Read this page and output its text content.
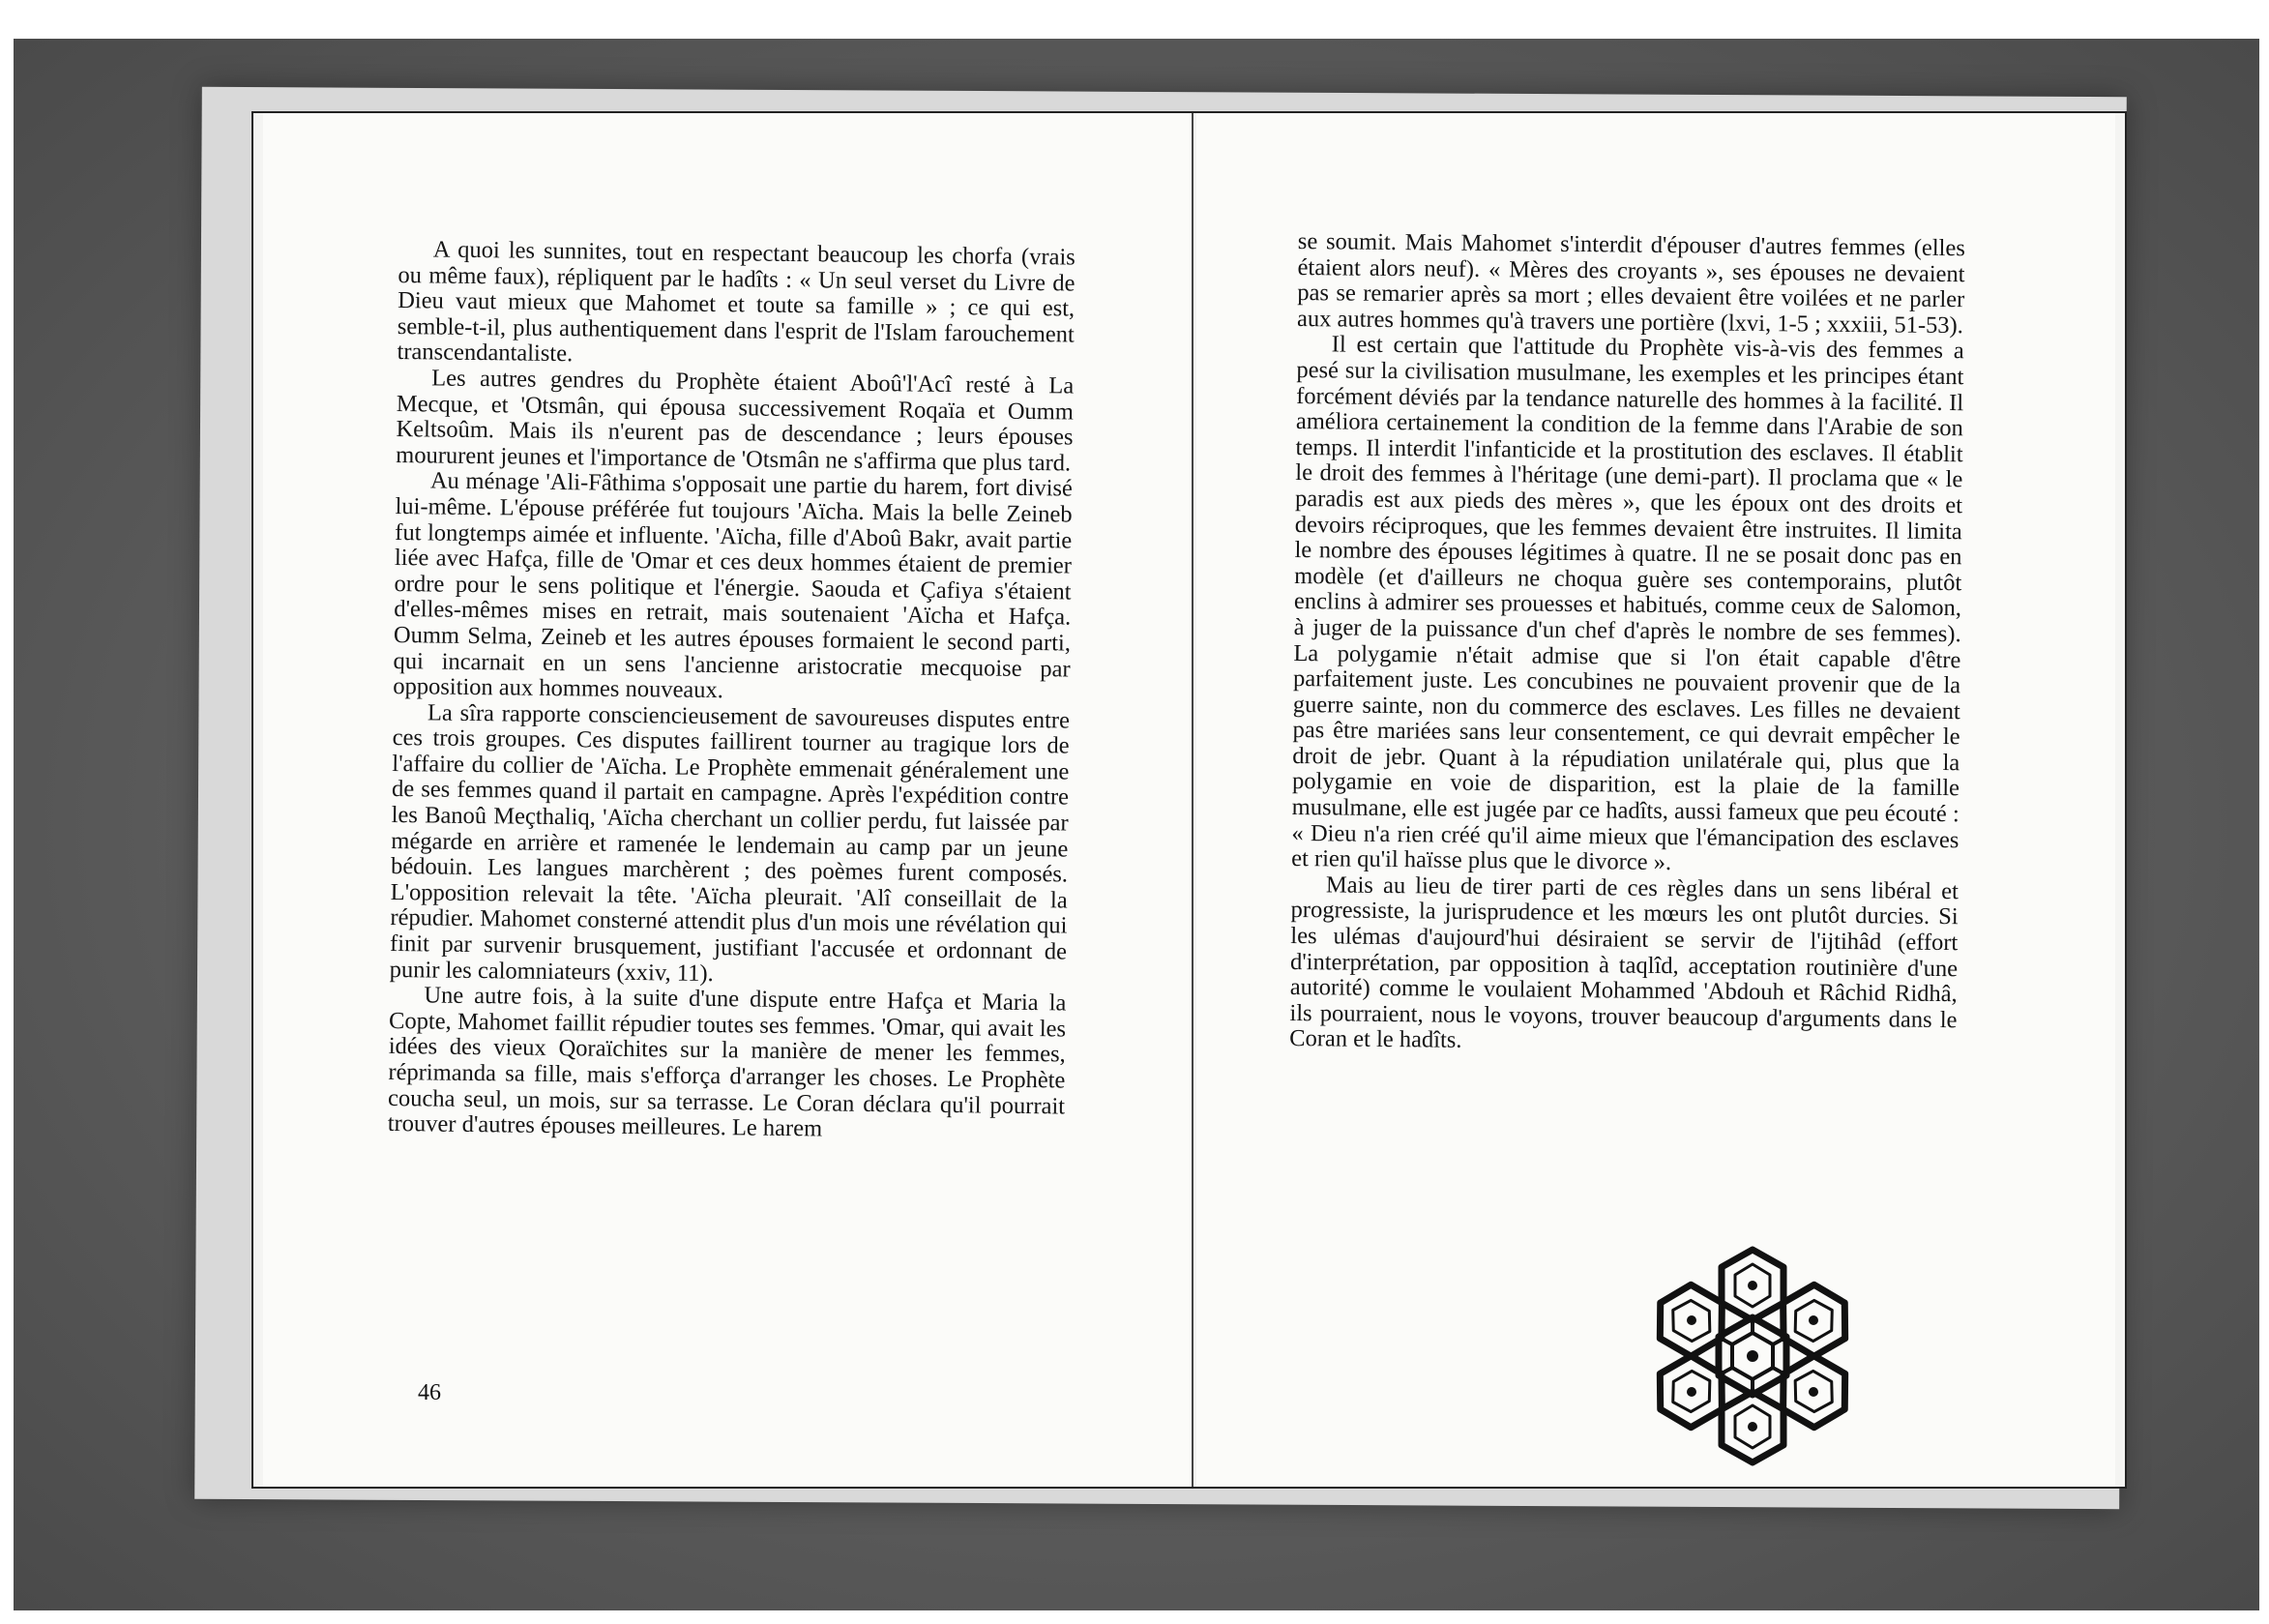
A quoi les sunnites, tout en respectant beaucoup les chorfa (vrais ou même faux), répliquent par le hadîts : « Un seul verset du Livre de Dieu vaut mieux que Mahomet et toute sa famille » ; ce qui est, semble-t-il, plus authentiquement dans l'esprit de l'Islam farouchement transcendantaliste.

Les autres gendres du Prophète étaient Aboû'l'Acî resté à La Mecque, et 'Otsmân, qui épousa successivement Roqaïa et Oumm Keltsoûm. Mais ils n'eurent pas de descendance ; leurs épouses moururent jeunes et l'importance de 'Otsmân ne s'affirma que plus tard.

Au ménage 'Ali-Fâthima s'opposait une partie du harem, fort divisé lui-même. L'épouse préférée fut toujours 'Aïcha. Mais la belle Zeineb fut longtemps aimée et influente. 'Aïcha, fille d'Aboû Bakr, avait partie liée avec Hafça, fille de 'Omar et ces deux hommes étaient de premier ordre pour le sens politique et l'énergie. Saouda et Çafiya s'étaient d'elles-mêmes mises en retrait, mais soutenaient 'Aïcha et Hafça. Oumm Selma, Zeineb et les autres épouses formaient le second parti, qui incarnait en un sens l'ancienne aristocratie mecquoise par opposition aux hommes nouveaux.

La sîra rapporte consciencieusement de savoureuses disputes entre ces trois groupes. Ces disputes faillirent tourner au tragique lors de l'affaire du collier de 'Aïcha. Le Prophète emmenait généralement une de ses femmes quand il partait en campagne. Après l'expédition contre les Banoû Meçthaliq, 'Aïcha cherchant un collier perdu, fut laissée par mégarde en arrière et ramenée le lendemain au camp par un jeune bédouin. Les langues marchèrent ; des poèmes furent composés. L'opposition relevait la tête. 'Aïcha pleurait. 'Alî conseillait de la répudier. Mahomet consterné attendit plus d'un mois une révélation qui finit par survenir brusquement, justifiant l'accusée et ordonnant de punir les calomniateurs (xxiv, 11).

Une autre fois, à la suite d'une dispute entre Hafça et Maria la Copte, Mahomet faillit répudier toutes ses femmes. 'Omar, qui avait les idées des vieux Qoraïchites sur la manière de mener les femmes, réprimanda sa fille, mais s'efforça d'arranger les choses. Le Prophète coucha seul, un mois, sur sa terrasse. Le Coran déclara qu'il pourrait trouver d'autres épouses meilleures. Le harem

46

se soumit. Mais Mahomet s'interdit d'épouser d'autres femmes (elles étaient alors neuf). « Mères des croyants », ses épouses ne devaient pas se remarier après sa mort ; elles devaient être voilées et ne parler aux autres hommes qu'à travers une portière (lxvi, 1-5 ; xxxiii, 51-53).

Il est certain que l'attitude du Prophète vis-à-vis des femmes a pesé sur la civilisation musulmane, les exemples et les principes étant forcément déviés par la tendance naturelle des hommes à la facilité. Il améliora certainement la condition de la femme dans l'Arabie de son temps. Il interdit l'infanticide et la prostitution des esclaves. Il établit le droit des femmes à l'héritage (une demi-part). Il proclama que « le paradis est aux pieds des mères », que les époux ont des droits et devoirs réciproques, que les femmes devaient être instruites. Il limita le nombre des épouses légitimes à quatre. Il ne se posait donc pas en modèle (et d'ailleurs ne choqua guère ses contemporains, plutôt enclins à admirer ses prouesses et habitués, comme ceux de Salomon, à juger de la puissance d'un chef d'après le nombre de ses femmes). La polygamie n'était admise que si l'on était capable d'être parfaitement juste. Les concubines ne pouvaient provenir que de la guerre sainte, non du commerce des esclaves. Les filles ne devaient pas être mariées sans leur consentement, ce qui devrait empêcher le droit de jebr. Quant à la répudiation unilatérale qui, plus que la polygamie en voie de disparition, est la plaie de la famille musulmane, elle est jugée par ce hadîts, aussi fameux que peu écouté : « Dieu n'a rien créé qu'il aime mieux que l'émancipation des esclaves et rien qu'il haïsse plus que le divorce ».

Mais au lieu de tirer parti de ces règles dans un sens libéral et progressiste, la jurisprudence et les mœurs les ont plutôt durcies. Si les ulémas d'aujourd'hui désiraient se servir de l'ijtihâd (effort d'interprétation, par opposition à taqlîd, acceptation routinière d'une autorité) comme le voulaient Mohammed 'Abdouh et Râchid Ridhâ, ils pourraient, nous le voyons, trouver beaucoup d'arguments dans le Coran et le hadîts.
